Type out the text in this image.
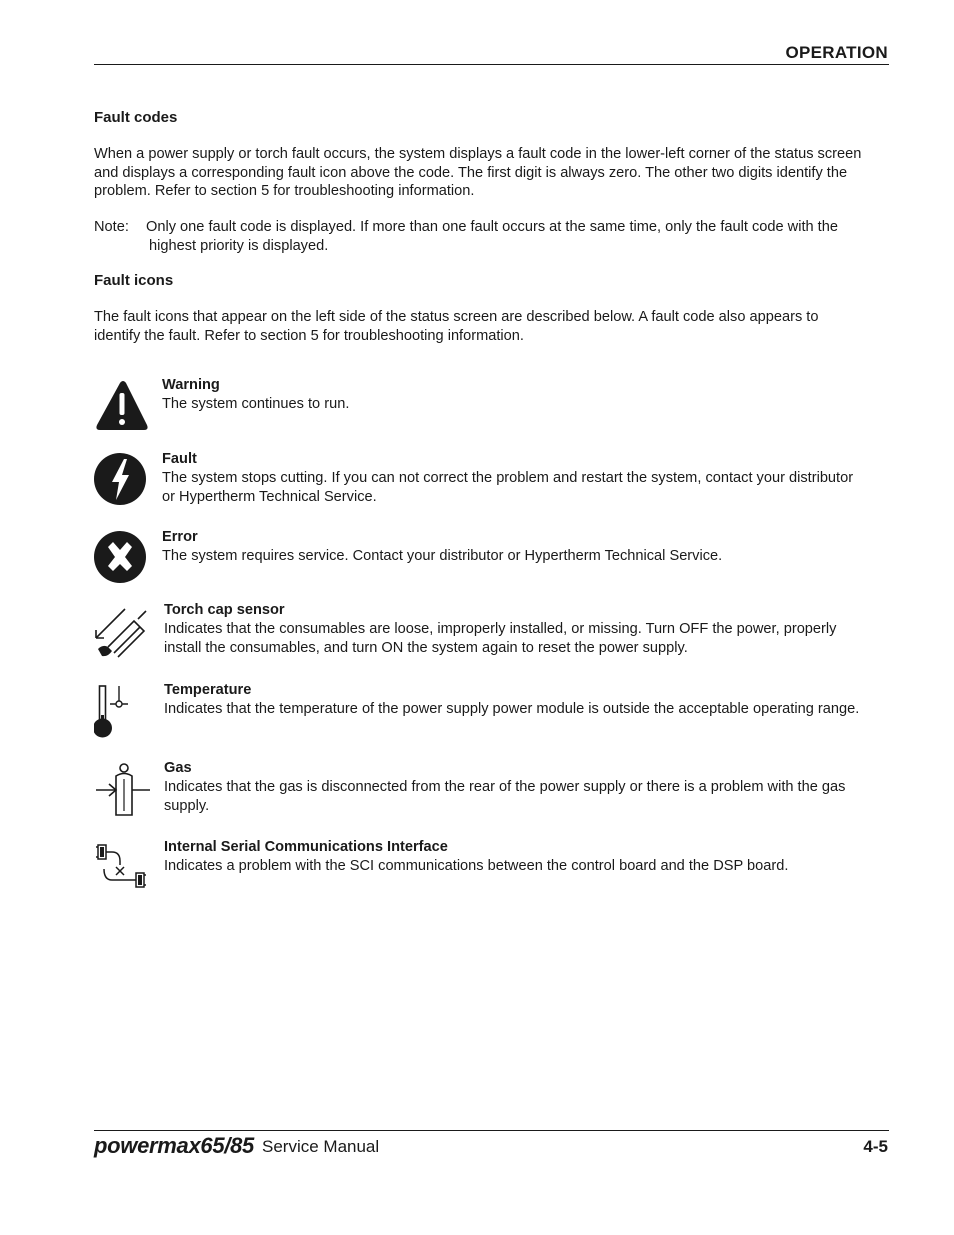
OPERATION
Fault codes
When a power supply or torch fault occurs, the system displays a fault code in the lower-left corner of the status screen
and displays a corresponding fault icon above the code. The first digit is always zero. The other two digits identify the
problem. Refer to section 5 for troubleshooting information.
Note: Only one fault code is displayed. If more than one fault occurs at the same time, only the fault code with the
highest priority is displayed.
Fault icons
The fault icons that appear on the left side of the status screen are described below. A fault code also appears to
identify the fault. Refer to section 5 for troubleshooting information.
Warning
The system continues to run.
Fault
The system stops cutting. If you can not correct the problem and restart the system, contact your distributor
or Hypertherm Technical Service.
Error
The system requires service. Contact your distributor or Hypertherm Technical Service.
Torch cap sensor
Indicates that the consumables are loose, improperly installed, or missing. Turn OFF the power, properly
install the consumables, and turn ON the system again to reset the power supply.
Temperature
Indicates that the temperature of the power supply power module is outside the acceptable operating range.
Gas
Indicates that the gas is disconnected from the rear of the power supply or there is a problem with the gas
supply.
Internal Serial Communications Interface
Indicates a problem with the SCI communications between the control board and the DSP board.
powermax65/85 Service Manual	4-5
